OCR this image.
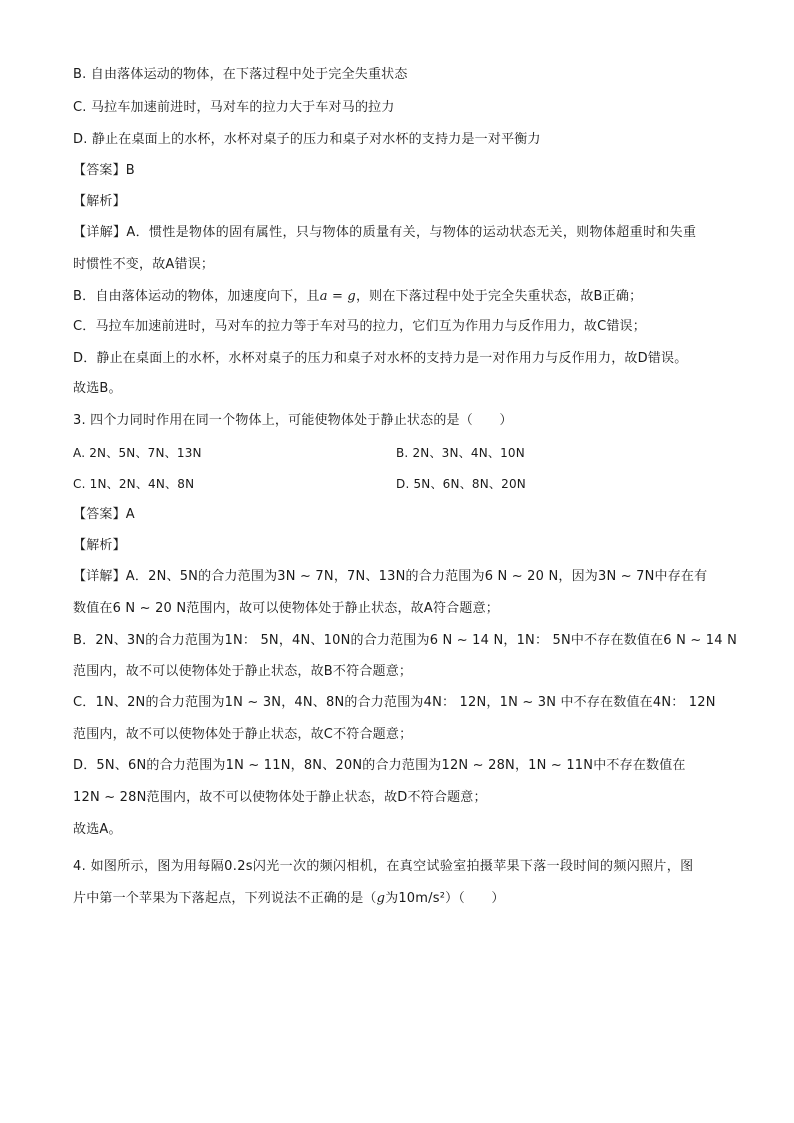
B. 自由落体运动的物体，在下落过程中处于完全失重状态
C. 马拉车加速前进时，马对车的拉力大于车对马的拉力
D. 静止在桌面上的水杯，水杯对桌子的压力和桌子对水杯的支持力是一对平衡力
【答案】B
【解析】
【详解】A．惯性是物体的固有属性，只与物体的质量有关，与物体的运动状态无关，则物体超重时和失重
时惯性不变，故A错误；
B．自由落体运动的物体，加速度向下，且a = g，则在下落过程中处于完全失重状态，故B正确；
C．马拉车加速前进时，马对车的拉力等于车对马的拉力，它们互为作用力与反作用力，故C错误；
D．静止在桌面上的水杯，水杯对桌子的压力和桌子对水杯的支持力是一对作用力与反作用力，故D错误。
故选B。
3. 四个力同时作用在同一个物体上，可能使物体处于静止状态的是（　　）
A. 2N、5N、7N、13N	B. 2N、3N、4N、10N
C. 1N、2N、4N、8N	D. 5N、6N、8N、20N
【答案】A
【解析】
【详解】A．2N、5N的合力范围为3N ~ 7N，7N、13N的合力范围为6 N ~ 20 N，因为3N ~ 7N中存在有
数值在6 N ~ 20 N范围内，故可以使物体处于静止状态，故A符合题意；
B．2N、3N的合力范围为1N： 5N，4N、10N的合力范围为6 N ~ 14 N，1N： 5N中不存在数值在6 N ~ 14 N
范围内，故不可以使物体处于静止状态，故B不符合题意；
C．1N、2N的合力范围为1N ~ 3N，4N、8N的合力范围为4N： 12N，1N ~ 3N 中不存在数值在4N： 12N
范围内，故不可以使物体处于静止状态，故C不符合题意；
D．5N、6N的合力范围为1N ~ 11N，8N、20N的合力范围为12N ~ 28N，1N ~ 11N中不存在数值在
12N ~ 28N范围内，故不可以使物体处于静止状态，故D不符合题意；
故选A。
4. 如图所示，图为用每隔0.2s闪光一次的频闪相机，在真空试验室拍摄苹果下落一段时间的频闪照片，图
片中第一个苹果为下落起点，下列说法不正确的是（g为10m/s²）（　　）
